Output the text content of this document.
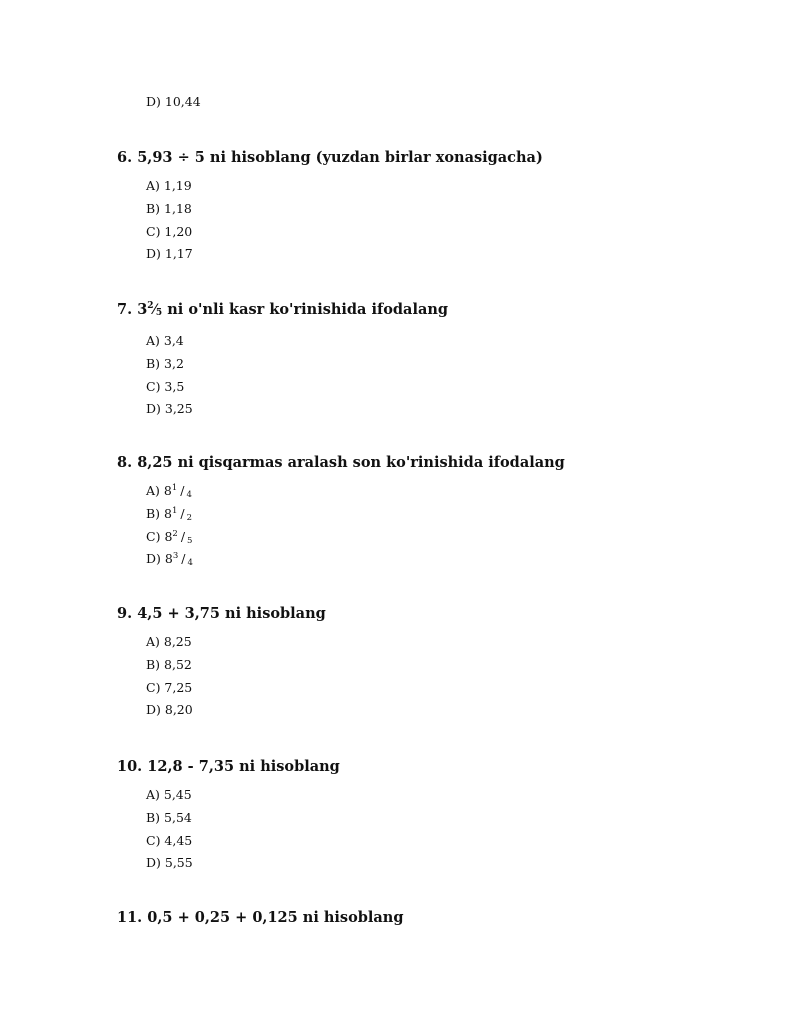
D) 10,44
6. 5,93 ÷ 5 ni hisoblang (yuzdan birlar xonasigacha)
A) 1,19
B) 1,18
C) 1,20
D) 1,17
7. $3^2⁄5$ ni o'nli kasr ko'rinishida ifodalang
A) 3,4
B) 3,2
C) 3,5
D) 3,25
8. 8,25 ni qisqarmas aralash son ko'rinishida ifodalang
A) $8^1 / 4$
B) $8^1 / 2$
C) $8^2 / 5$
D) $8^3 / 4$
9. 4,5 + 3,75 ni hisoblang
A) 8,25
B) 8,52
C) 7,25
D) 8,20
10. 12,8 - 7,35 ni hisoblang
A) 5,45
B) 5,54
C) 4,45
D) 5,55
11. 0,5 + 0,25 + 0,125 ni hisoblang
